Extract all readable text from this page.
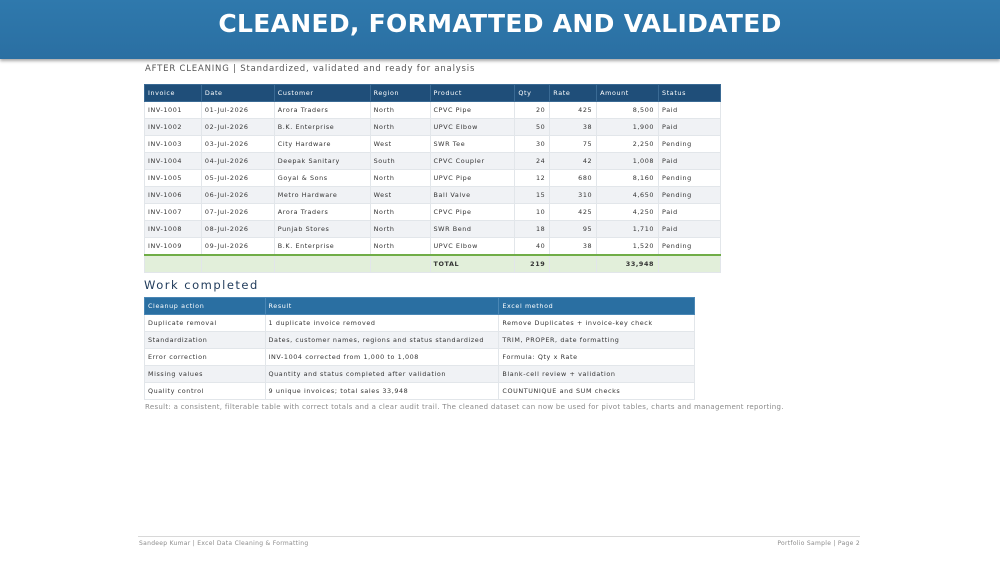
CLEANED, FORMATTED AND VALIDATED
AFTER CLEANING | Standardized, validated and ready for analysis
Invoice	Date	Customer	Region	Product	Qty	Rate	Amount	Status
INV-1001	01-Jul-2026	Arora Traders	North	CPVC Pipe	20	425	8,500	Paid
INV-1002	02-Jul-2026	B.K. Enterprise	North	UPVC Elbow	50	38	1,900	Paid
INV-1003	03-Jul-2026	City Hardware	West	SWR Tee	30	75	2,250	Pending
INV-1004	04-Jul-2026	Deepak Sanitary	South	CPVC Coupler	24	42	1,008	Paid
INV-1005	05-Jul-2026	Goyal & Sons	North	UPVC Pipe	12	680	8,160	Pending
INV-1006	06-Jul-2026	Metro Hardware	West	Ball Valve	15	310	4,650	Pending
INV-1007	07-Jul-2026	Arora Traders	North	CPVC Pipe	10	425	4,250	Paid
INV-1008	08-Jul-2026	Punjab Stores	North	SWR Bend	18	95	1,710	Paid
INV-1009	09-Jul-2026	B.K. Enterprise	North	UPVC Elbow	40	38	1,520	Pending
				TOTAL	219		33,948	
Work completed
Cleanup action	Result	Excel method
Duplicate removal	1 duplicate invoice removed	Remove Duplicates + invoice-key check
Standardization	Dates, customer names, regions and status standardized	TRIM, PROPER, date formatting
Error correction	INV-1004 corrected from 1,000 to 1,008	Formula: Qty x Rate
Missing values	Quantity and status completed after validation	Blank-cell review + validation
Quality control	9 unique invoices; total sales 33,948	COUNTUNIQUE and SUM checks
Result: a consistent, filterable table with correct totals and a clear audit trail. The cleaned dataset can now be used for pivot tables, charts and management reporting.
Sandeep Kumar | Excel Data Cleaning & Formatting	Portfolio Sample | Page 2
